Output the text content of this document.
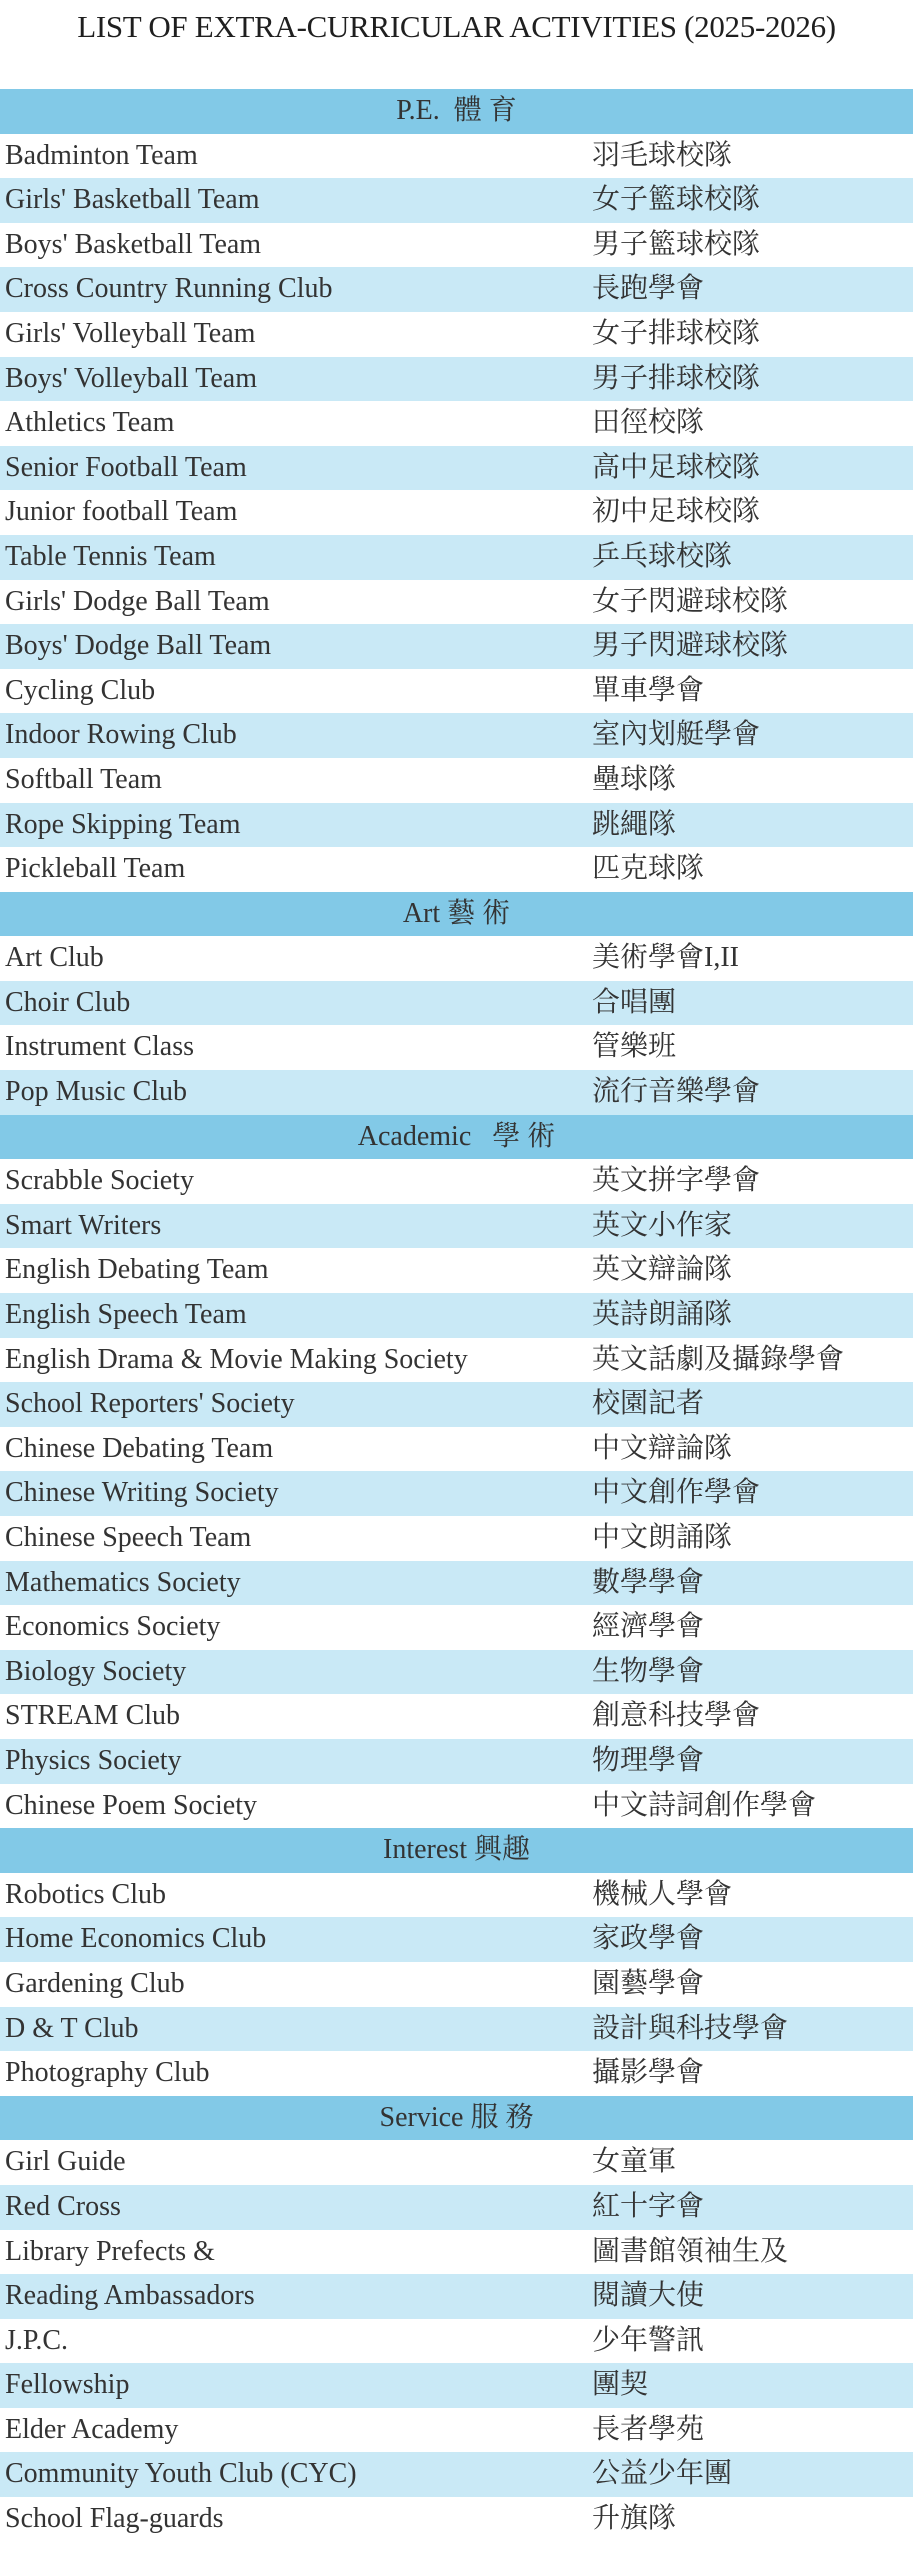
LIST OF EXTRA-CURRICULAR ACTIVITIES (2025-2026)
P.E.  體 育
Badminton Team	羽毛球校隊
Girls' Basketball Team	女子籃球校隊
Boys' Basketball Team	男子籃球校隊
Cross Country Running Club	長跑學會
Girls' Volleyball Team	女子排球校隊
Boys' Volleyball Team	男子排球校隊
Athletics Team	田徑校隊
Senior Football Team	高中足球校隊
Junior football Team	初中足球校隊
Table Tennis Team	乒乓球校隊
Girls' Dodge Ball Team	女子閃避球校隊
Boys' Dodge Ball Team	男子閃避球校隊
Cycling Club	單車學會
Indoor Rowing Club	室內划艇學會
Softball Team	壘球隊
Rope Skipping Team	跳繩隊
Pickleball Team	匹克球隊
Art 藝 術
Art Club	美術學會I,II
Choir Club	合唱團
Instrument Class	管樂班
Pop Music Club	流行音樂學會
Academic   學 術
Scrabble Society	英文拼字學會
Smart Writers	英文小作家
English Debating Team	英文辯論隊
English Speech Team	英詩朗誦隊
English Drama & Movie Making Society	英文話劇及攝錄學會
School Reporters' Society	校園記者
Chinese Debating Team	中文辯論隊
Chinese Writing Society	中文創作學會
Chinese Speech Team	中文朗誦隊
Mathematics Society	數學學會
Economics Society	經濟學會
Biology Society	生物學會
STREAM Club	創意科技學會
Physics Society	物理學會
Chinese Poem Society	中文詩詞創作學會
Interest 興趣
Robotics Club	機械人學會
Home Economics Club	家政學會
Gardening Club	園藝學會
D & T Club	設計與科技學會
Photography Club	攝影學會
Service 服 務
Girl Guide	女童軍
Red Cross	紅十字會
Library Prefects &	圖書館領袖生及
Reading Ambassadors	閱讀大使
J.P.C.	少年警訊
Fellowship	團契
Elder Academy	長者學苑
Community Youth Club (CYC)	公益少年團
School Flag-guards	升旗隊
